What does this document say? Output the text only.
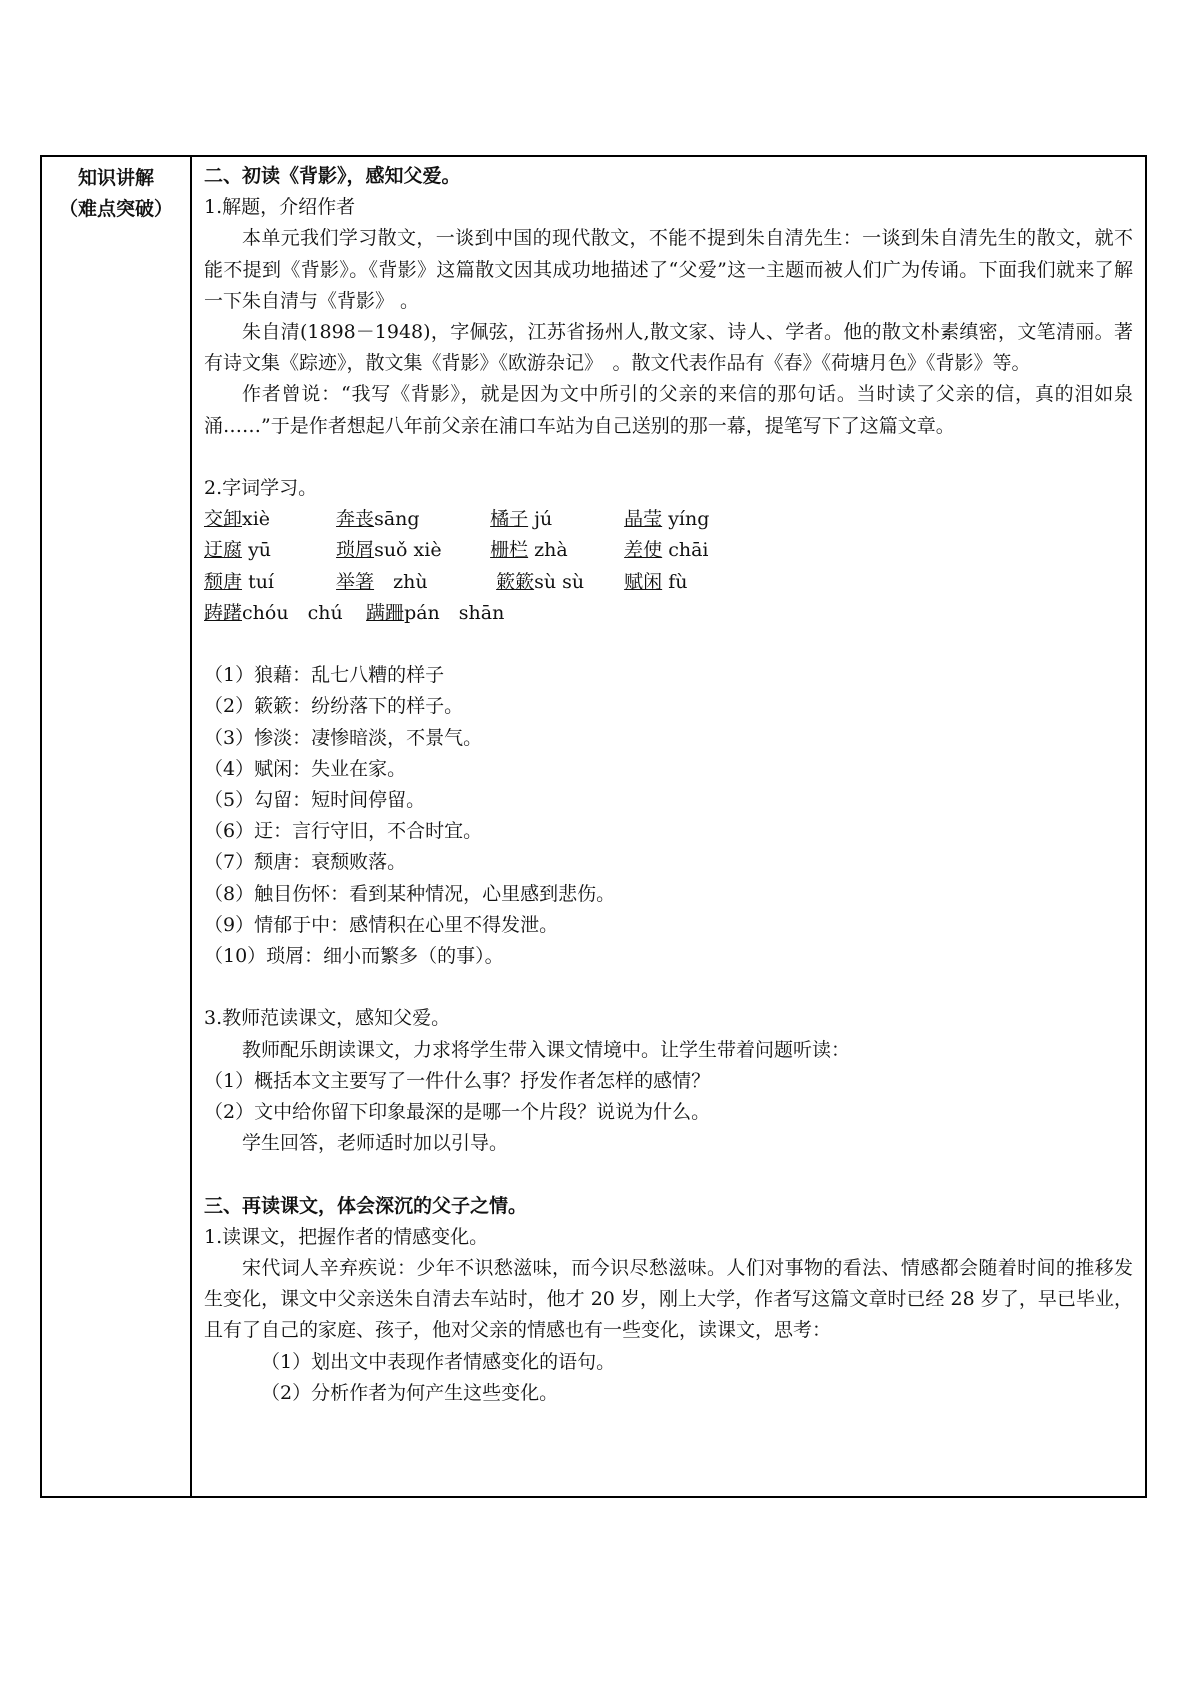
知识讲解
（难点突破）
二、初读《背影》，感知父爱。
1.解题，介绍作者

本单元我们学习散文，一谈到中国的现代散文，不能不提到朱自清先生：一谈到朱自清先生的散文，就不能不提到《背影》。《背影》这篇散文因其成功地描述了“父爱”这一主题而被人们广为传诵。下面我们就来了解一下朱自清与《背影》 。

朱自清(1898－1948)，字佩弦，江苏省扬州人,散文家、诗人、学者。他的散文朴素缜密，文笔清丽。著有诗文集《踪迹》，散文集《背影》《欧游杂记》　。散文代表作品有《春》《荷塘月色》《背影》等。

作者曾说：“我写《背影》，就是因为文中所引的父亲的来信的那句话。当时读了父亲的信，真的泪如泉涌……”于是作者想起八年前父亲在浦口车站为自己送别的那一幕，提笔写下了这篇文章。

2.字词学习。
交卸xiè	奔丧sāng	橘子 jú	晶莹 yíng
迂腐 yū	琐屑suǒ xiè	栅栏 zhà	差使 chāi
颓唐 tuí	举箸　 zhù	簌簌sù sù 赋闲 fù
踌躇chóu　chú 蹒跚pán　shān
（1）狼藉：乱七八糟的样子
（2）簌簌：纷纷落下的样子。
（3）惨淡：凄惨暗淡，不景气。
（4）赋闲：失业在家。
（5）勾留：短时间停留。
（6）迂：言行守旧，不合时宜。
（7）颓唐：衰颓败落。
（8）触目伤怀：看到某种情况，心里感到悲伤。
（9）情郁于中：感情积在心里不得发泄。
（10）琐屑：细小而繁多（的事）。
3.教师范读课文，感知父爱。

教师配乐朗读课文，力求将学生带入课文情境中。让学生带着问题听读：

（1）概括本文主要写了一件什么事？抒发作者怎样的感情？
（2）文中给你留下印象最深的是哪一个片段？说说为什么。
学生回答，老师适时加以引导。
三、再读课文，体会深沉的父子之情。
1.读课文，把握作者的情感变化。

宋代词人辛弃疾说：少年不识愁滋味，而今识尽愁滋味。人们对事物的看法、情感都会随着时间的推移发生变化，课文中父亲送朱自清去车站时，他才 20 岁，刚上大学，作者写这篇文章时已经 28 岁了，早已毕业，且有了自己的家庭、孩子，他对父亲的情感也有一些变化，读课文，思考：

（1）划出文中表现作者情感变化的语句。
（2）分析作者为何产生这些变化。
